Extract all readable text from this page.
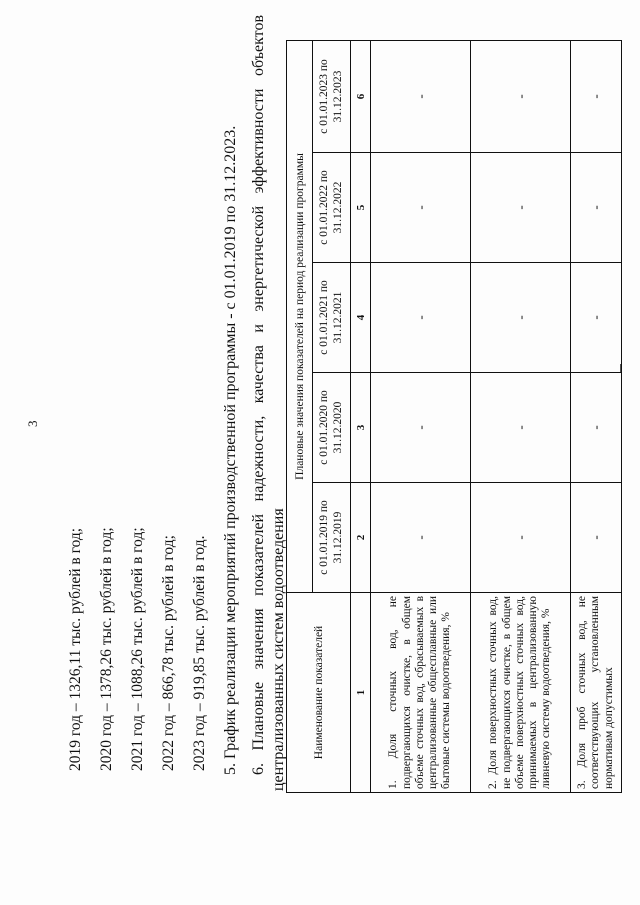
3
2019 год – 1326,11 тыс. рублей в год; 2020 год – 1378,26 тыс. рублей в год; 2021 год – 1088,26 тыс. рублей в год; 2022 год – 866,78 тыс. рублей в год; 2023 год – 919,85 тыс. рублей в год. 5. График реализации мероприятий производственной программы - с 01.01.2019 по 31.12.2023. 6. Плановые значения показателей надежности, качества и энергетической эффективности объектов централизованных систем водоотведения Наименование показателей	Плановые значения показателей на период реализации программы				
	с 01.01.2019 по 31.12.2019	с 01.01.2020 по 31.12.2020	с 01.01.2021 по 31.12.2021	с 01.01.2022 по 31.12.2022	с 01.01.2023 по 31.12.2023
1	2	3	4	5	6
1. Доля сточных вод, не подвергающихся очистке, в общем объеме сточных вод, сбрасываемых в централизованные общесплавные или бытовые системы водоотведения, %	-	-	-	-	-
2. Доля поверхностных сточных вод, не подвергающихся очистке, в общем объеме поверхностных сточных вод, принимаемых в централизованную ливневую систему водоотведения, %	-	-	-	-	-
3. Доля проб сточных вод, не соответствующих установленным нормативам допустимых	-	-	-	-	-
